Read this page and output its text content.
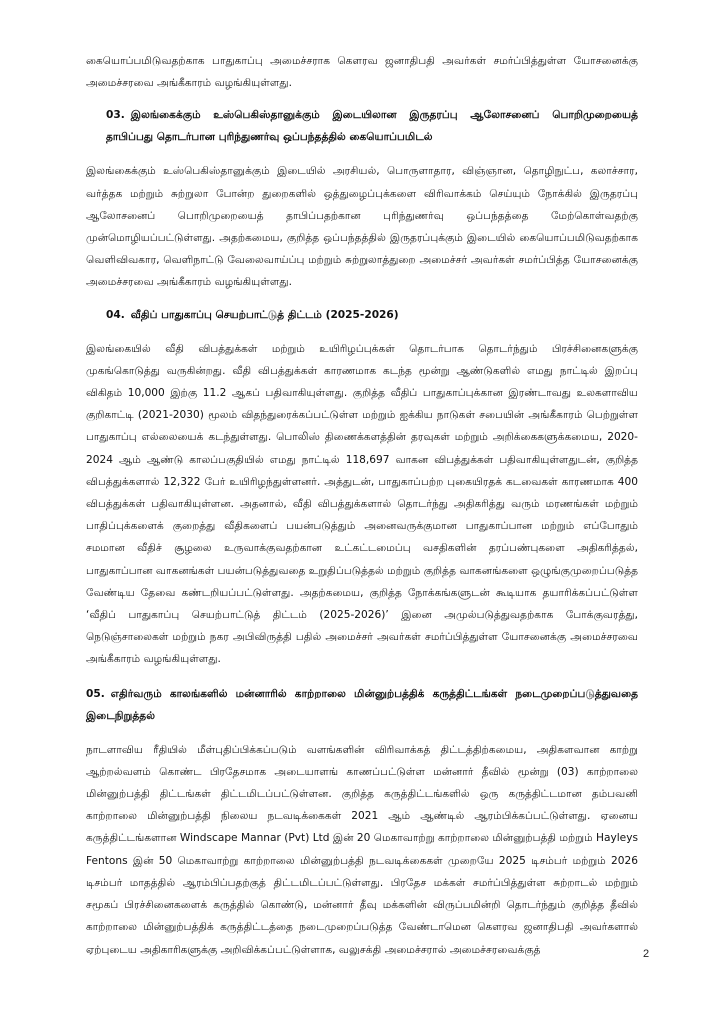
கையொப்பமிடுவதற்காக பாதுகாப்பு அமைச்சராக கௌரவ ஜனாதிபதி அவர்கள் சமர்ப்பித்துள்ள யோசனைக்கு அமைச்சரவை அங்கீகாரம் வழங்கியுள்ளது.

03. இலங்கைக்கும் உஸ்பெகிஸ்தானுக்கும் இடையிலான இருதரப்பு ஆலோசனைப் பொறிமுறையைத் தாபிப்பது தொடர்பான புரிந்துணர்வு ஒப்பந்தத்தில் கையொப்பமிடல்

இலங்கைக்கும் உஸ்பெகிஸ்தானுக்கும் இடையில் அரசியல், பொருளாதார, விஞ்ஞான, தொழிநுட்ப, கலாச்சார, வர்த்தக மற்றும் சுற்றுலா போன்ற துறைகளில் ஒத்துழைப்புக்களை விரிவாக்கம் செய்யும் நோக்கில் இருதரப்பு ஆலோசனைப் பொறிமுறையைத் தாபிப்பதற்கான புரிந்துணர்வு ஒப்பந்தத்தை மேற்கொள்வதற்கு முன்மொழியப்பட்டுள்ளது. அதற்கமைய, குறித்த ஒப்பந்தத்தில் இருதரப்புக்கும் இடையில் கையொப்பமிடுவதற்காக வெளிவிவகார, வெளிநாட்டு வேலைவாய்ப்பு மற்றும் சுற்றுலாத்துறை அமைச்சர் அவர்கள் சமர்ப்பித்த யோசனைக்கு அமைச்சரவை அங்கீகாரம் வழங்கியுள்ளது.

04. வீதிப் பாதுகாப்பு செயற்பாட்டுத் திட்டம் (2025-2026)

இலங்கையில் வீதி விபத்துக்கள் மற்றும் உயிரிழப்புக்கள் தொடர்பாக தொடர்ந்தும் பிரச்சினைகளுக்கு முகங்கொடுத்து வருகின்றது. வீதி விபத்துக்கள் காரணமாக கடந்த மூன்று ஆண்டுகளில் எமது நாட்டில் இறப்பு விகிதம் 10,000 இற்கு 11.2 ஆகப் பதிவாகியுள்ளது. குறித்த வீதிப் பாதுகாப்புக்கான இரண்டாவது உலகளாவிய குறிகாட்டி (2021-2030) மூலம் விதந்துரைக்கப்பட்டுள்ள மற்றும் ஐக்கிய நாடுகள் சபையின் அங்கீகாரம் பெற்றுள்ள பாதுகாப்பு எல்லையைக் கடந்துள்ளது. பொலிஸ் திணைக்களத்தின் தரவுகள் மற்றும் அறிக்கைகளுக்கமைய, 2020-2024 ஆம் ஆண்டு காலப்பகுதியில் எமது நாட்டில் 118,697 வாகன விபத்துக்கள் பதிவாகியுள்ளதுடன், குறித்த விபத்துக்களால் 12,322 பேர் உயிரிழந்துள்ளனர். அத்துடன், பாதுகாப்பற்ற புகையிரதக் கடவைகள் காரணமாக 400 விபத்துக்கள் பதிவாகியுள்ளன. அதனால், வீதி விபத்துக்களால் தொடர்ந்து அதிகரித்து வரும் மரணங்கள் மற்றும் பாதிப்புக்களைக் குறைத்து வீதிகளைப் பயன்படுத்தும் அனைவருக்குமான பாதுகாப்பான மற்றும் எப்போதும் சமமான வீதிச் சூழலை உருவாக்குவதற்கான உட்கட்டமைப்பு வசதிகளின் தரப்பண்புகளை அதிகரித்தல், பாதுகாப்பான வாகனங்கள் பயன்படுத்துவதை உறுதிப்படுத்தல் மற்றும் குறித்த வாகனங்களை ஒழுங்குமுறைப்படுத்த வேண்டிய தேவை கண்டறியப்பட்டுள்ளது. அதற்கமைய, குறித்த நோக்கங்களுடன் கூடியாக தயாரிக்கப்பட்டுள்ள ‘வீதிப் பாதுகாப்பு செயற்பாட்டுத் திட்டம் (2025-2026)’ இனை அமுல்படுத்துவதற்காக போக்குவரத்து, நெடுஞ்சாலைகள் மற்றும் நகர அபிவிருத்தி பதில் அமைச்சர் அவர்கள் சமர்ப்பித்துள்ள யோசனைக்கு அமைச்சரவை அங்கீகாரம் வழங்கியுள்ளது.

05. எதிர்வரும் காலங்களில் மன்னாரில் காற்றாலை மின்னுற்பத்திக் கருத்திட்டங்கள் நடைமுறைப்படுத்துவதை இடைநிறுத்தல்

நாடளாவிய ரீதியில் மீள்புதிப்பிக்கப்படும் வளங்களின் விரிவாக்கத் திட்டத்திற்கமைய, அதிகளவான காற்று ஆற்றல்வளம் கொண்ட பிரதேசமாக அடையாளங் காணப்பட்டுள்ள மன்னார் தீவில் மூன்று (03) காற்றாலை மின்னுற்பத்தி திட்டங்கள் திட்டமிடப்பட்டுள்ளன. குறித்த கருத்திட்டங்களில் ஒரு கருத்திட்டமான தம்பவனி காற்றாலை மின்னுற்பத்தி நிலைய நடவடிக்கைகள் 2021 ஆம் ஆண்டில் ஆரம்பிக்கப்பட்டுள்ளது. ஏனைய கருத்திட்டங்களான Windscape Mannar (Pvt) Ltd இன் 20 மெகாவாற்று காற்றாலை மின்னுற்பத்தி மற்றும் Hayleys Fentons இன் 50 மெகாவாற்று காற்றாலை மின்னுற்பத்தி நடவடிக்கைகள் முறையே 2025 டிசம்பர் மற்றும் 2026 டிசம்பர் மாதத்தில் ஆரம்பிப்பதற்குத் திட்டமிடப்பட்டுள்ளது. பிரதேச மக்கள் சமர்ப்பித்துள்ள சுற்றாடல் மற்றும் சமூகப் பிரச்சினைகளைக் கருத்தில் கொண்டு, மன்னார் தீவு மக்களின் விருப்பமின்றி தொடர்ந்தும் குறித்த தீவில் காற்றாலை மின்னுற்பத்திக் கருத்திட்டத்தை நடைமுறைப்படுத்த வேண்டாமென கௌரவ ஜனாதிபதி அவர்களால் ஏற்புடைய அதிகாரிகளுக்கு அறிவிக்கப்பட்டுள்ளாக, வலுசக்தி அமைச்சரால் அமைச்சரவைக்குத்	2
